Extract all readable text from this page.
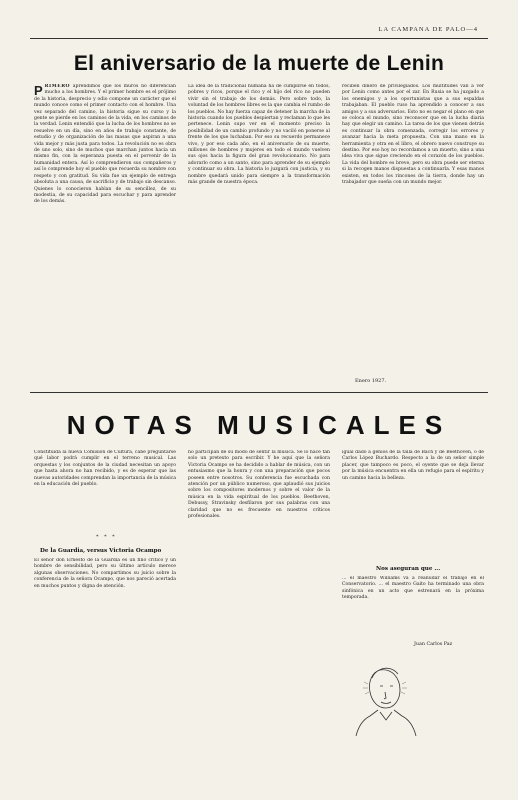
LA CAMPANA DE PALO—4
El aniversario de la muerte de Lenin
PRIMERO aprendimos que los muros no diferencian mucho a los hombres. Y el primer hombre es el prójimo de la historia, desprecio y odio compone un carácter que el mundo conoce como el primer contacto con el hombre. Una vez separado del camino, la historia sigue su curso y la gente se pierde en los caminos de la vida, en los caminos de la verdad. Lenin entendió que la lucha de los hombres no se resuelve en un día, sino en años de trabajo constante, de estudio y de organización de las masas que aspiran a una vida mejor y más justa para todos. La revolución no es obra de uno solo, sino de muchos que marchan juntos hacia un mismo fin, con la esperanza puesta en el porvenir de la humanidad entera. Así lo comprendieron sus compañeros y así lo comprende hoy el pueblo que recuerda su nombre con respeto y con gratitud. Su vida fue un ejemplo de entrega absoluta a una causa, de sacrificio y de trabajo sin descanso. Quienes lo conocieron hablan de su sencillez, de su modestia, de su capacidad para escuchar y para aprender de los demás.
La idea de la tradicional humana ha de cumplirse en todos, pobres y ricos, porque el rico y el hijo del rico no pueden vivir sin el trabajo de los demás. Pero sobre todo, la voluntad de los hombres libres es la que cambia el rumbo de los pueblos. No hay fuerza capaz de detener la marcha de la historia cuando los pueblos despiertan y reclaman lo que les pertenece. Lenin supo ver en el momento preciso la posibilidad de un cambio profundo y no vaciló en ponerse al frente de los que luchaban. Por eso su recuerdo permanece vivo, y por eso cada año, en el aniversario de su muerte, millones de hombres y mujeres en todo el mundo vuelven sus ojos hacia la figura del gran revolucionario. No para adorarlo como a un santo, sino para aprender de su ejemplo y continuar su obra. La historia lo juzgará con justicia, y su nombre quedará unido para siempre a la transformación más grande de nuestra época.
reciben dinero de privilegiados. Los multitudes van a ver por Lenin como antes por el zar. En Rusia se ha juzgado a los enemigos y a los oportunistas que a sus espaldas trabajaban. El pueblo ruso ha aprendido a conocer a sus amigos y a sus adversarios. Esto no es negar el plano en que se coloca el mundo, sino reconocer que en la lucha diaria hay que elegir un camino. La tarea de los que vienen detrás es continuar la obra comenzada, corregir los errores y avanzar hacia la meta propuesta. Con una mano en la herramienta y otra en el libro, el obrero nuevo construye su destino. Por eso hoy no recordamos a un muerto, sino a una idea viva que sigue creciendo en el corazón de los pueblos. La vida del hombre es breve, pero su obra puede ser eterna si la recogen manos dispuestas a continuarla. Y esas manos existen, en todos los rincones de la tierra, donde hay un trabajador que sueña con un mundo mejor.
Enero 1927.
NOTAS MUSICALES
Constituida la nueva Comisión de Cultura, cabe preguntarse qué labor podrá cumplir en el terreno musical. Las orquestas y los conjuntos de la ciudad necesitan un apoyo que hasta ahora no han recibido, y es de esperar que las nuevas autoridades comprendan la importancia de la música en la educación del pueblo.
De la Guardia, versus Victoria Ocampo
El señor don Ernesto de la Guardia es un fino crítico y un hombre de sensibilidad, pero su último artículo merece algunas observaciones. No compartimos su juicio sobre la conferencia de la señora Ocampo, que nos pareció acertada en muchos puntos y digna de atención.
* * *
no participan de su modo de sentir la música. Se lo hace tan solo un pretexto para escribir. Y he aquí que la señora Victoria Ocampo se ha decidido a hablar de música, con un entusiasmo que la honra y con una preparación que pocos poseen entre nosotros. Su conferencia fue escuchada con atención por un público numeroso, que aplaudió sus juicios sobre los compositores modernos y sobre el valor de la música en la vida espiritual de los pueblos. Beethoven, Debussy, Stravinsky desfilaron por sus palabras con una claridad que no es frecuente en nuestros críticos profesionales.
igual dado a genios de la talla de Bach y de Beethoven, o de Carlos López Buchardo. Respecto a la de un señor simple placer, que tampoco es poco, el oyente que se deja llevar por la música encuentra en ella un refugio para el espíritu y un camino hacia la belleza.
Nos aseguran que ...
... el maestro Williams va a reanudar el trabajo en el Conservatorio. ... el maestro Gaito ha terminado una obra sinfónica en un acto que estrenará en la próxima temporada.
Juan Carlos Paz
